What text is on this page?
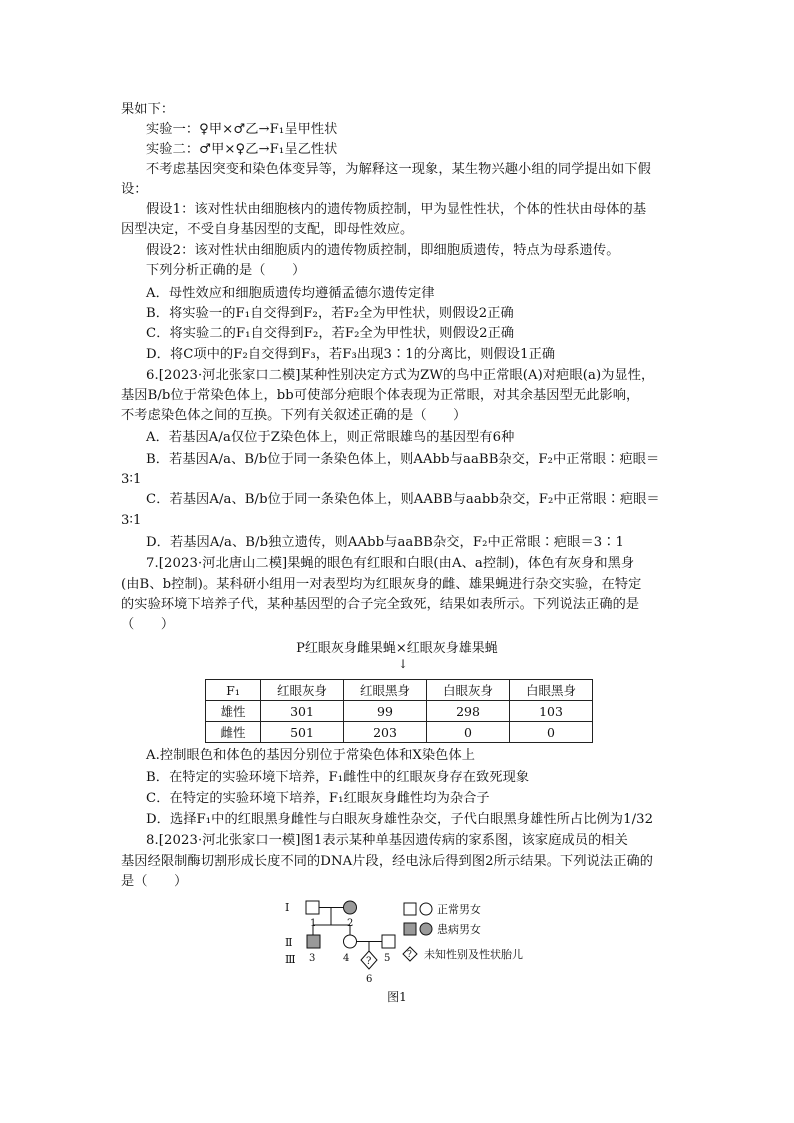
果如下：
实验一：♀甲×♂乙→F₁呈甲性状
实验二：♂甲×♀乙→F₁呈乙性状
不考虑基因突变和染色体变异等，为解释这一现象，某生物兴趣小组的同学提出如下假
设：
假设1：该对性状由细胞核内的遗传物质控制，甲为显性性状，个体的性状由母体的基
因型决定，不受自身基因型的支配，即母性效应。
假设2：该对性状由细胞质内的遗传物质控制，即细胞质遗传，特点为母系遗传。
下列分析正确的是（　　）
A．母性效应和细胞质遗传均遵循孟德尔遗传定律
B．将实验一的F₁自交得到F₂，若F₂全为甲性状，则假设2正确
C．将实验二的F₁自交得到F₂，若F₂全为甲性状，则假设2正确
D．将C项中的F₂自交得到F₃，若F₃出现3∶1的分离比，则假设1正确
6.[2023·河北张家口二模]某种性别决定方式为ZW的鸟中正常眼(A)对疤眼(a)为显性，
基因B/b位于常染色体上，bb可使部分疤眼个体表现为正常眼，对其余基因型无此影响，
不考虑染色体之间的互换。下列有关叙述正确的是（　　）
A．若基因A/a仅位于Z染色体上，则正常眼雄鸟的基因型有6种
B．若基因A/a、B/b位于同一条染色体上，则AAbb与aaBB杂交，F₂中正常眼∶疤眼＝
3∶1
C．若基因A/a、B/b位于同一条染色体上，则AABB与aabb杂交，F₂中正常眼∶疤眼＝
3∶1
D．若基因A/a、B/b独立遗传，则AAbb与aaBB杂交，F₂中正常眼∶疤眼＝3∶1
7.[2023·河北唐山二模]果蝇的眼色有红眼和白眼(由A、a控制)，体色有灰身和黑身
(由B、b控制)。某科研小组用一对表型均为红眼灰身的雌、雄果蝇进行杂交实验，在特定
的实验环境下培养子代，某种基因型的合子完全致死，结果如表所示。下列说法正确的是
（　　）
P红眼灰身雌果蝇×红眼灰身雄果蝇
↓
F₁	红眼灰身	红眼黑身	白眼灰身	白眼黑身
雄性	301	99	298	103
雌性	501	203	0	0
A.控制眼色和体色的基因分别位于常染色体和X染色体上
B．在特定的实验环境下培养，F₁雌性中的红眼灰身存在致死现象
C．在特定的实验环境下培养，F₁红眼灰身雌性均为杂合子
D．选择F₁中的红眼黑身雌性与白眼灰身雄性杂交，子代白眼黑身雄性所占比例为1/32
8.[2023·河北张家口一模]图1表示某种单基因遗传病的家系图，该家庭成员的相关
基因经限制酶切割形成长度不同的DNA片段，经电泳后得到图2所示结果。下列说法正确的
是（　　）
Ⅰ
Ⅱ
Ⅲ
1	2
3	4	5
?
6
正常男女
患病男女
? 未知性别及性状胎儿
图1
